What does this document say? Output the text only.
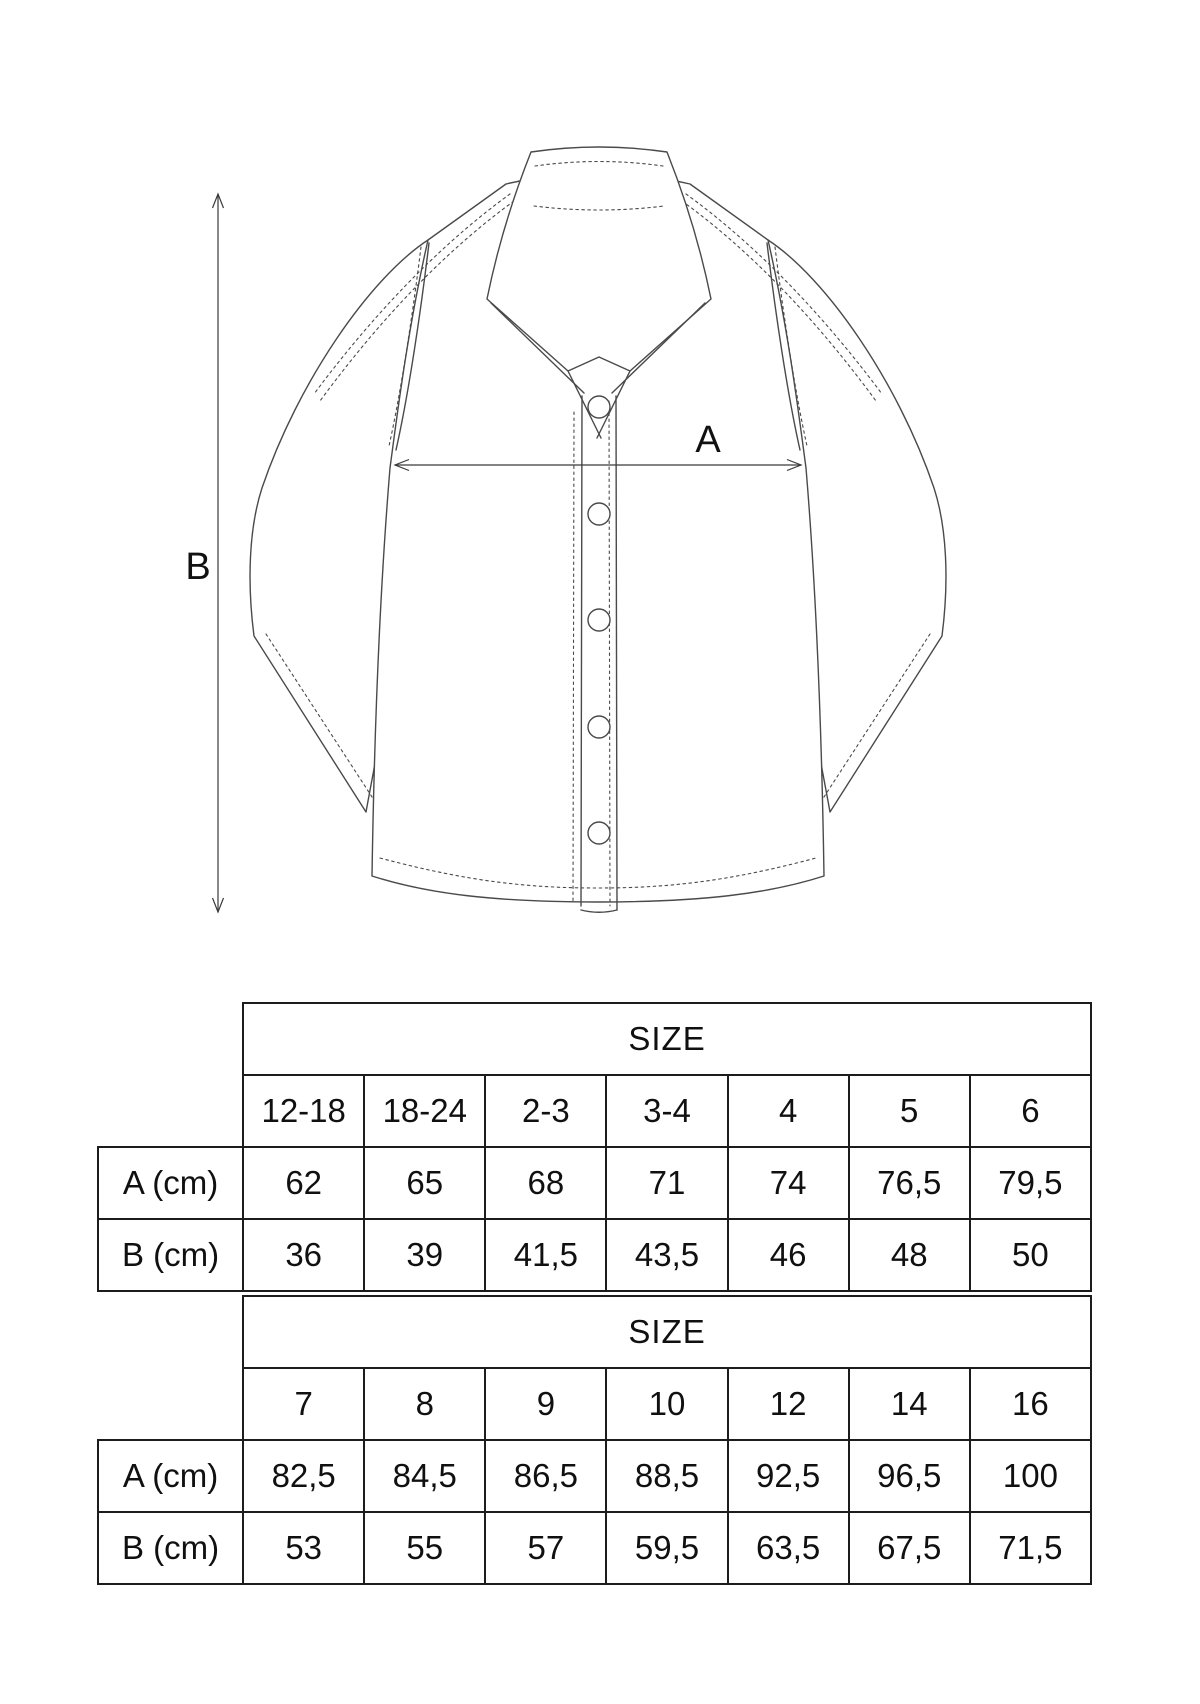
A
B
	SIZE						
	12-18	18-24	2-3	3-4	4	5	6
A (cm)	62	65	68	71	74	76,5	79,5
B (cm)	36	39	41,5	43,5	46	48	50
	SIZE						
	7	8	9	10	12	14	16
A (cm)	82,5	84,5	86,5	88,5	92,5	96,5	100
B (cm)	53	55	57	59,5	63,5	67,5	71,5
